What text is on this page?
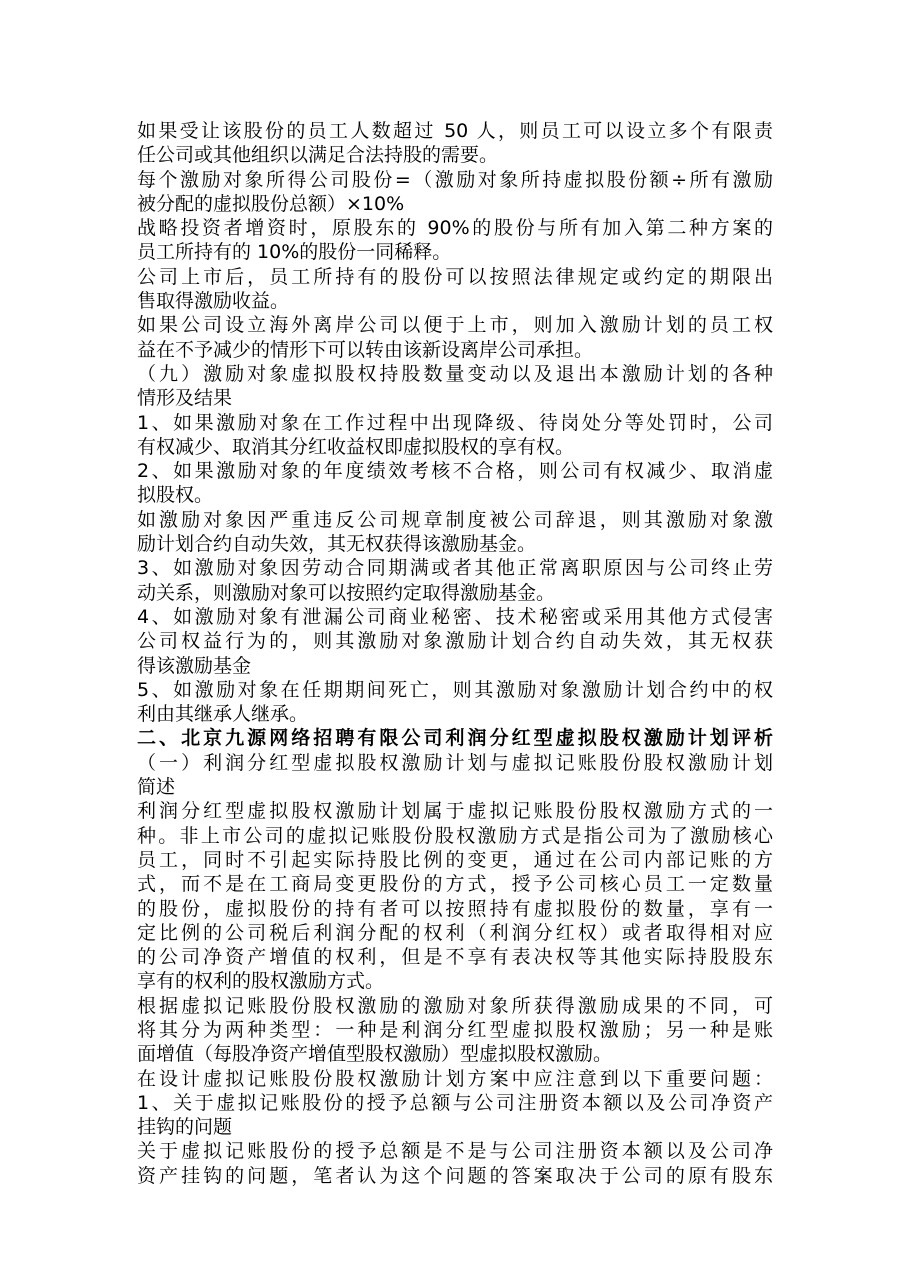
如果受让该股份的员工人数超过 50 人，则员工可以设立多个有限责
任公司或其他组织以满足合法持股的需要。
每个激励对象所得公司股份=（激励对象所持虚拟股份额÷所有激励
被分配的虚拟股份总额）×10%
战略投资者增资时，原股东的 90%的股份与所有加入第二种方案的
员工所持有的 10%的股份一同稀释。
公司上市后，员工所持有的股份可以按照法律规定或约定的期限出
售取得激励收益。
如果公司设立海外离岸公司以便于上市，则加入激励计划的员工权
益在不予减少的情形下可以转由该新设离岸公司承担。
（九）激励对象虚拟股权持股数量变动以及退出本激励计划的各种
情形及结果
1、如果激励对象在工作过程中出现降级、待岗处分等处罚时，公司
有权减少、取消其分红收益权即虚拟股权的享有权。
2、如果激励对象的年度绩效考核不合格，则公司有权减少、取消虚
拟股权。
如激励对象因严重违反公司规章制度被公司辞退，则其激励对象激
励计划合约自动失效，其无权获得该激励基金。
3、如激励对象因劳动合同期满或者其他正常离职原因与公司终止劳
动关系，则激励对象可以按照约定取得激励基金。
4、如激励对象有泄漏公司商业秘密、技术秘密或采用其他方式侵害
公司权益行为的，则其激励对象激励计划合约自动失效，其无权获
得该激励基金
5、如激励对象在任期期间死亡，则其激励对象激励计划合约中的权
利由其继承人继承。
二、北京九源网络招聘有限公司利润分红型虚拟股权激励计划评析
（一）利润分红型虚拟股权激励计划与虚拟记账股份股权激励计划
简述
利润分红型虚拟股权激励计划属于虚拟记账股份股权激励方式的一
种。非上市公司的虚拟记账股份股权激励方式是指公司为了激励核心
员工，同时不引起实际持股比例的变更，通过在公司内部记账的方
式，而不是在工商局变更股份的方式，授予公司核心员工一定数量
的股份，虚拟股份的持有者可以按照持有虚拟股份的数量，享有一
定比例的公司税后利润分配的权利（利润分红权）或者取得相对应
的公司净资产增值的权利，但是不享有表决权等其他实际持股股东
享有的权利的股权激励方式。
根据虚拟记账股份股权激励的激励对象所获得激励成果的不同，可
将其分为两种类型：一种是利润分红型虚拟股权激励；另一种是账
面增值（每股净资产增值型股权激励）型虚拟股权激励。
在设计虚拟记账股份股权激励计划方案中应注意到以下重要问题：
1、关于虚拟记账股份的授予总额与公司注册资本额以及公司净资产
挂钩的问题
关于虚拟记账股份的授予总额是不是与公司注册资本额以及公司净
资产挂钩的问题，笔者认为这个问题的答案取决于公司的原有股东
